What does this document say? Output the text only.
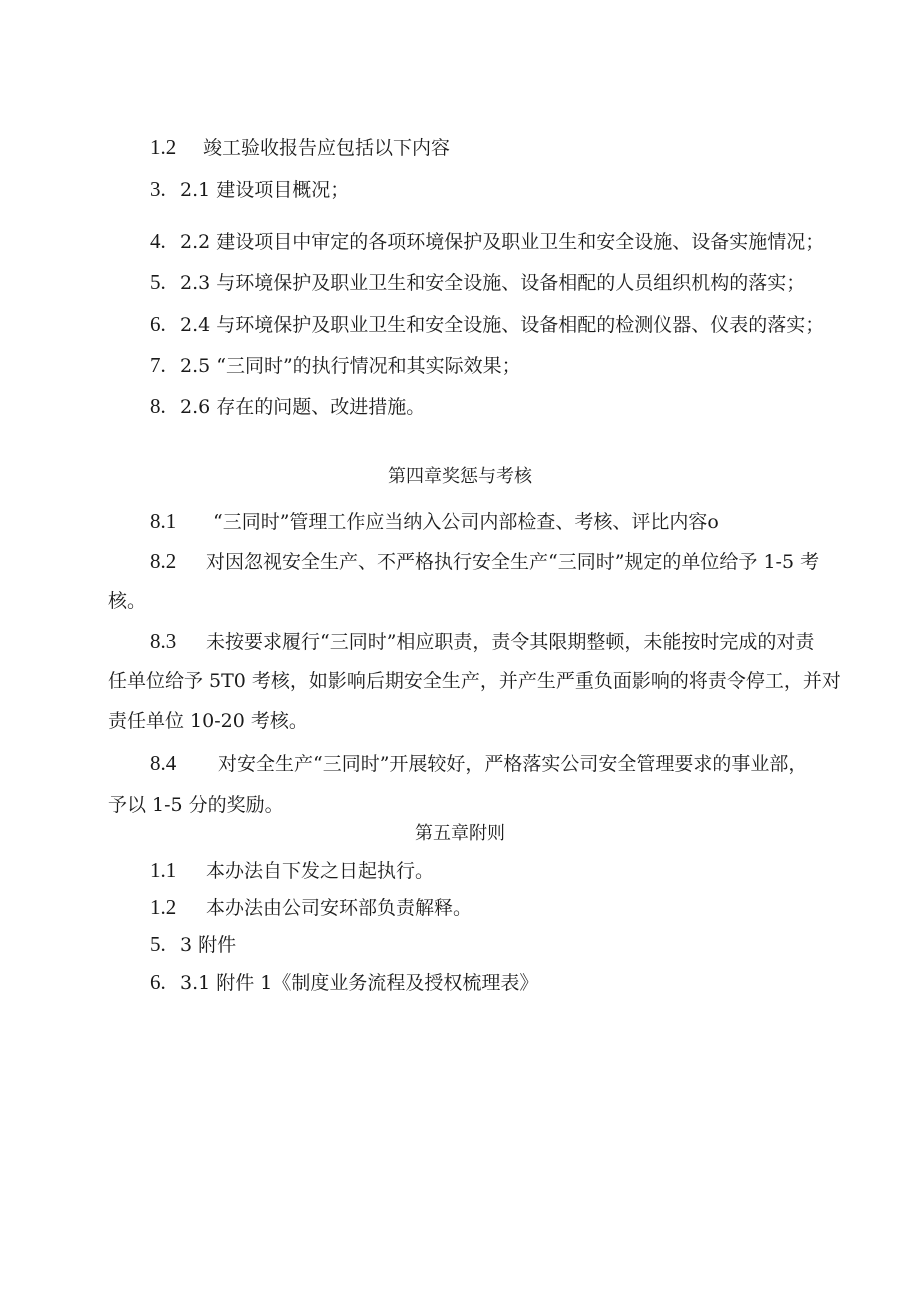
1.2 竣工验收报告应包括以下内容
3. 2.1 建设项目概况；
4. 2.2 建设项目中审定的各项环境保护及职业卫生和安全设施、设备实施情况；
5. 2.3 与环境保护及职业卫生和安全设施、设备相配的人员组织机构的落实；
6. 2.4 与环境保护及职业卫生和安全设施、设备相配的检测仪器、仪表的落实；
7. 2.5 “三同时”的执行情况和其实际效果；
8. 2.6 存在的问题、改进措施。
第四章奖惩与考核
8.1 “三同时”管理工作应当纳入公司内部检查、考核、评比内容o
8.2 对因忽视安全生产、不严格执行安全生产“三同时”规定的单位给予 1-5 考
核。
8.3 未按要求履行“三同时”相应职责，责令其限期整顿，未能按时完成的对责
任单位给予 5T0 考核，如影响后期安全生产，并产生严重负面影响的将责令停工，并对
责任单位 10-20 考核。
8.4 对安全生产“三同时”开展较好，严格落实公司安全管理要求的事业部，
予以 1-5 分的奖励。
第五章附则
1.1 本办法自下发之日起执行。
1.2 本办法由公司安环部负责解释。
5. 3 附件
6. 3.1 附件 1《制度业务流程及授权梳理表》
